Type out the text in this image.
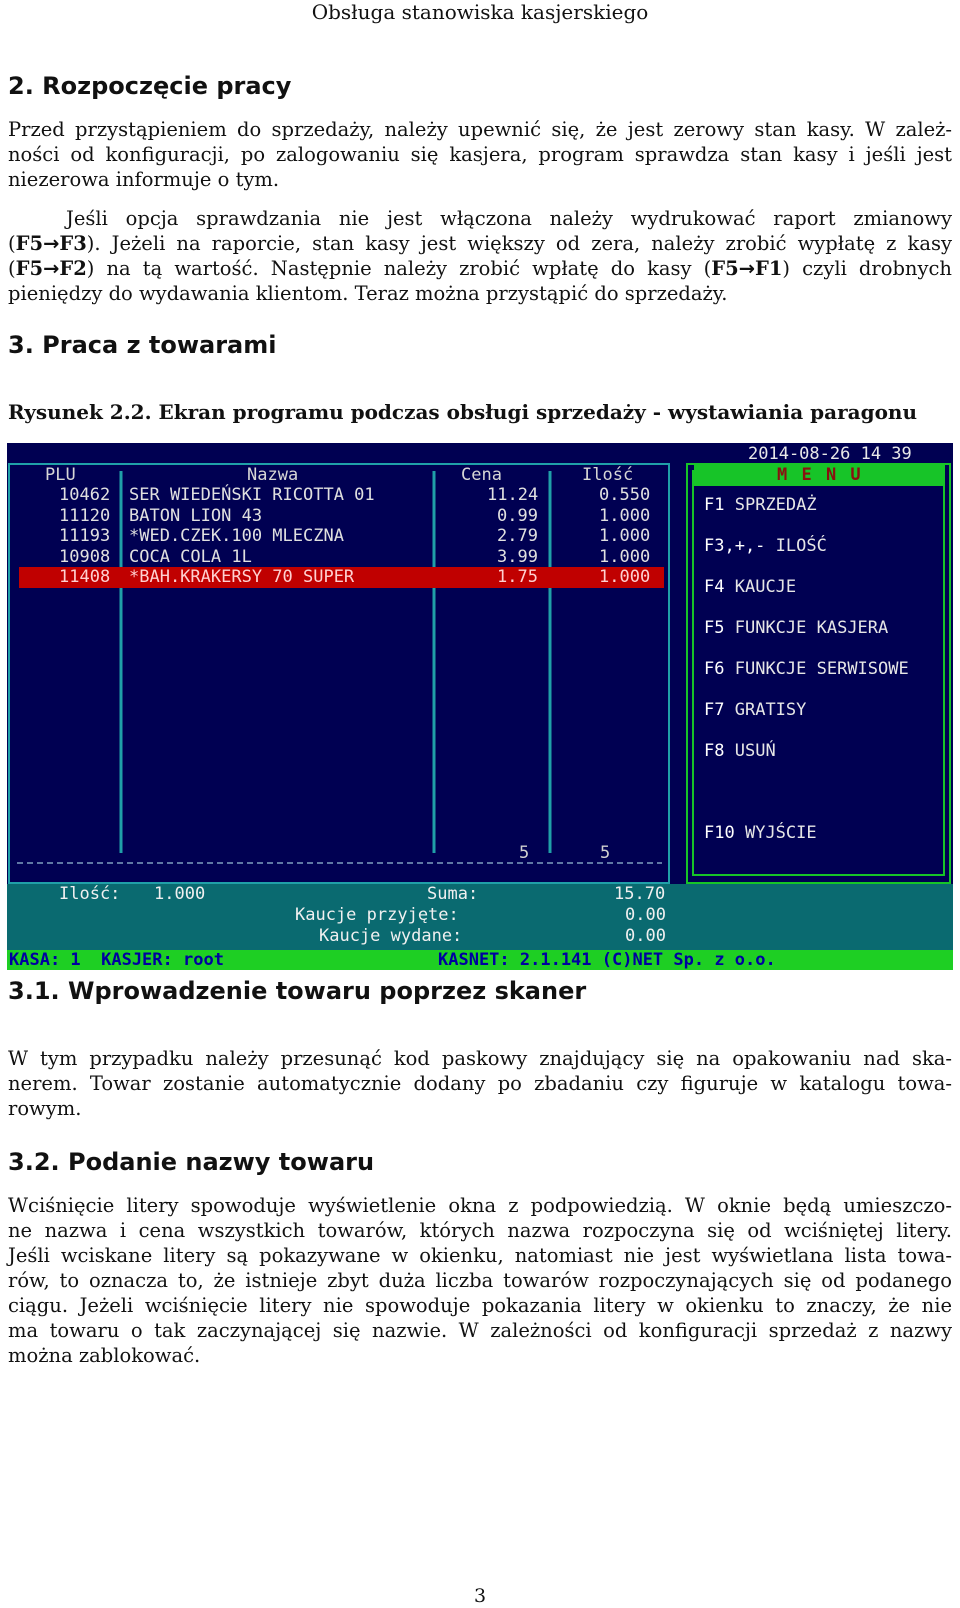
Obsługa stanowiska kasjerskiego
2. Rozpoczęcie pracy
Przed przystąpieniem do sprzedaży, należy upewnić się, że jest zerowy stan kasy. W zależ-
ności od konfiguracji, po zalogowaniu się kasjera, program sprawdza stan kasy i jeśli jest
niezerowa informuje o tym.
Jeśli opcja sprawdzania nie jest włączona należy wydrukować raport zmianowy
(F5→F3). Jeżeli na raporcie, stan kasy jest większy od zera, należy zrobić wypłatę z kasy
(F5→F2) na tą wartość. Następnie należy zrobić wpłatę do kasy (F5→F1) czyli drobnych
pieniędzy do wydawania klientom. Teraz można przystąpić do sprzedaży.
3. Praca z towarami
Rysunek 2.2. Ekran programu podczas obsługi sprzedaży - wystawiania paragonu
2014-08-26 14 39
M E N U
PLU	Nazwa	Cena	Ilość
10462 SER WIEDEŃSKI RICOTTA 01	11.24	0.550
11120 BATON LION 43	0.99	1.000
11193 *WED.CZEK.100 MLECZNA	2.79	1.000
10908 COCA COLA 1L	3.99	1.000
11408 *BAH.KRAKERSY 70 SUPER	1.75	1.000
F1 SPRZEDAŻ
F3,+,- ILOŚĆ
F4 KAUCJE
F5 FUNKCJE KASJERA
F6 FUNKCJE SERWISOWE
F7 GRATISY
F8 USUŃ
F10 WYJŚCIE
5	5
Ilość: 1.000	Suma:	15.70
Kaucje przyjęte:	0.00
Kaucje wydane:	0.00
KASA: 1  KASJER: root	KASNET: 2.1.141 (C)NET Sp. z o.o.
3.1. Wprowadzenie towaru poprzez skaner
W tym przypadku należy przesunąć kod paskowy znajdujący się na opakowaniu nad ska-
nerem. Towar zostanie automatycznie dodany po zbadaniu czy figuruje w katalogu towa-
rowym.
3.2. Podanie nazwy towaru
Wciśnięcie litery spowoduje wyświetlenie okna z podpowiedzią. W oknie będą umieszczo-
ne nazwa i cena wszystkich towarów, których nazwa rozpoczyna się od wciśniętej litery.
Jeśli wciskane litery są pokazywane w okienku, natomiast nie jest wyświetlana lista towa-
rów, to oznacza to, że istnieje zbyt duża liczba towarów rozpoczynających się od podanego
ciągu. Jeżeli wciśnięcie litery nie spowoduje pokazania litery w okienku to znaczy, że nie
ma towaru o tak zaczynającej się nazwie. W zależności od konfiguracji sprzedaż z nazwy
można zablokować.
3
